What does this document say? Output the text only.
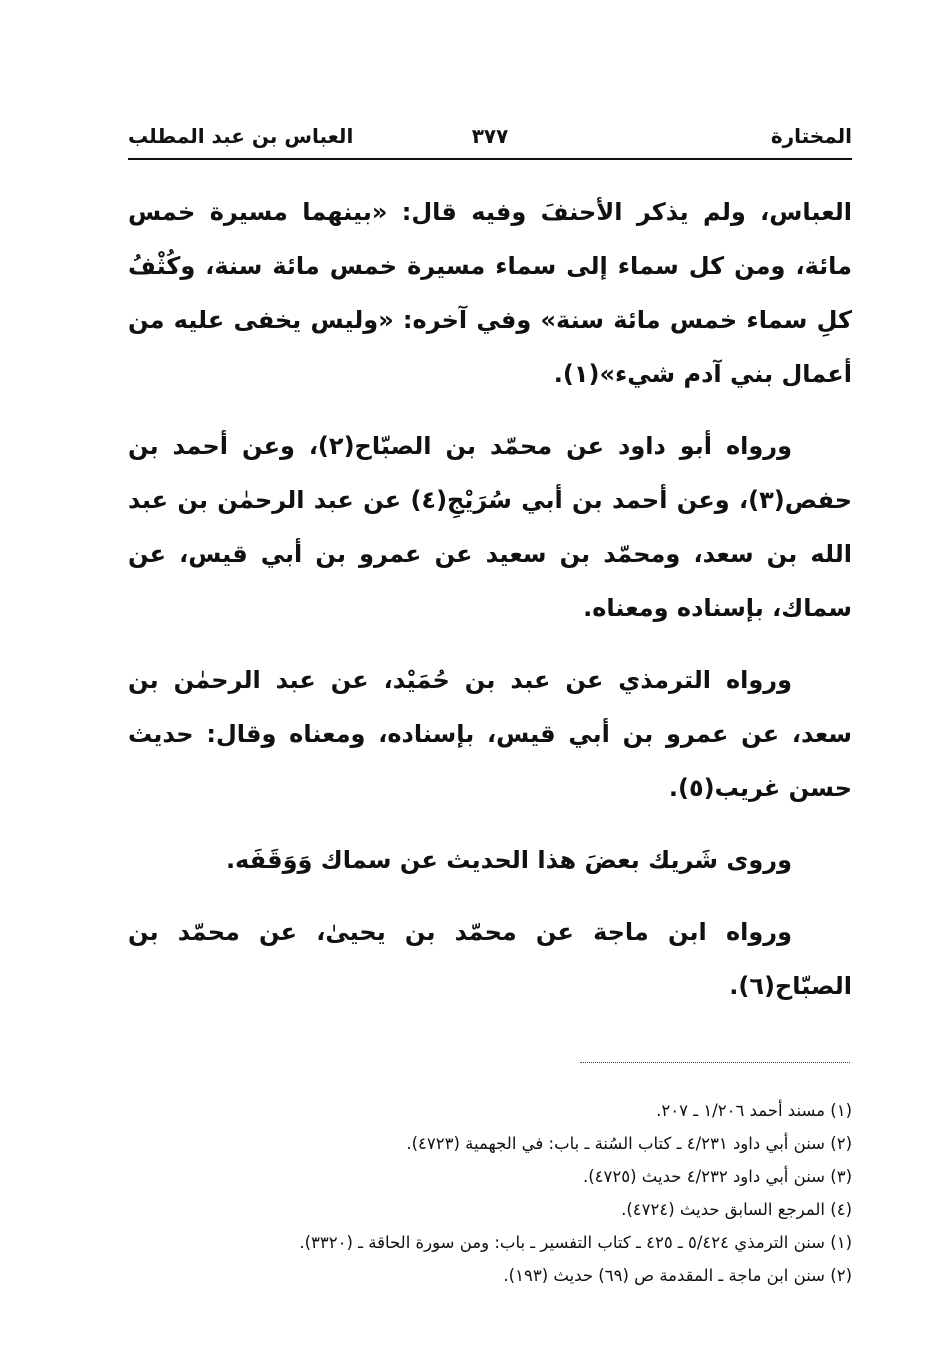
المختارة
٣٧٧
العباس بن عبد المطلب

العباس، ولم يذكر الأحنفَ وفيه قال: «بينهما مسيرة خمس مائة، ومن كل سماء إلى سماء مسيرة خمس مائة سنة، وكُثْفُ كلِ سماء خمس مائة سنة» وفي آخره: «وليس يخفى عليه من أعمال بني آدم شيء»(١).

ورواه أبو داود عن محمّد بن الصبّاح(٢)، وعن أحمد بن حفص(٣)، وعن أحمد بن أبي سُرَيْجِ(٤) عن عبد الرحمٰن بن عبد الله بن سعد، ومحمّد بن سعيد عن عمرو بن أبي قيس، عن سماك، بإسناده ومعناه.

ورواه الترمذي عن عبد بن حُمَيْد، عن عبد الرحمٰن بن سعد، عن عمرو بن أبي قيس، بإسناده، ومعناه وقال: حديث حسن غريب(٥).

وروى شَريك بعضَ هذا الحديث عن سماك وَوَقَفَه.

ورواه ابن ماجة عن محمّد بن يحيىٰ، عن محمّد بن الصبّاح(٦).

(١) مسند أحمد ١/٢٠٦ ـ ٢٠٧.
(٢) سنن أبي داود ٤/٢٣١ ـ كتاب السُنة ـ باب: في الجهمية (٤٧٢٣).
(٣) سنن أبي داود ٤/٢٣٢ حديث (٤٧٢٥).
(٤) المرجع السابق حديث (٤٧٢٤).
(١) سنن الترمذي ٥/٤٢٤ ـ ٤٢٥ ـ كتاب التفسير ـ باب: ومن سورة الحاقة ـ (٣٣٢٠).
(٢) سنن ابن ماجة ـ المقدمة ص (٦٩) حديث (١٩٣).
